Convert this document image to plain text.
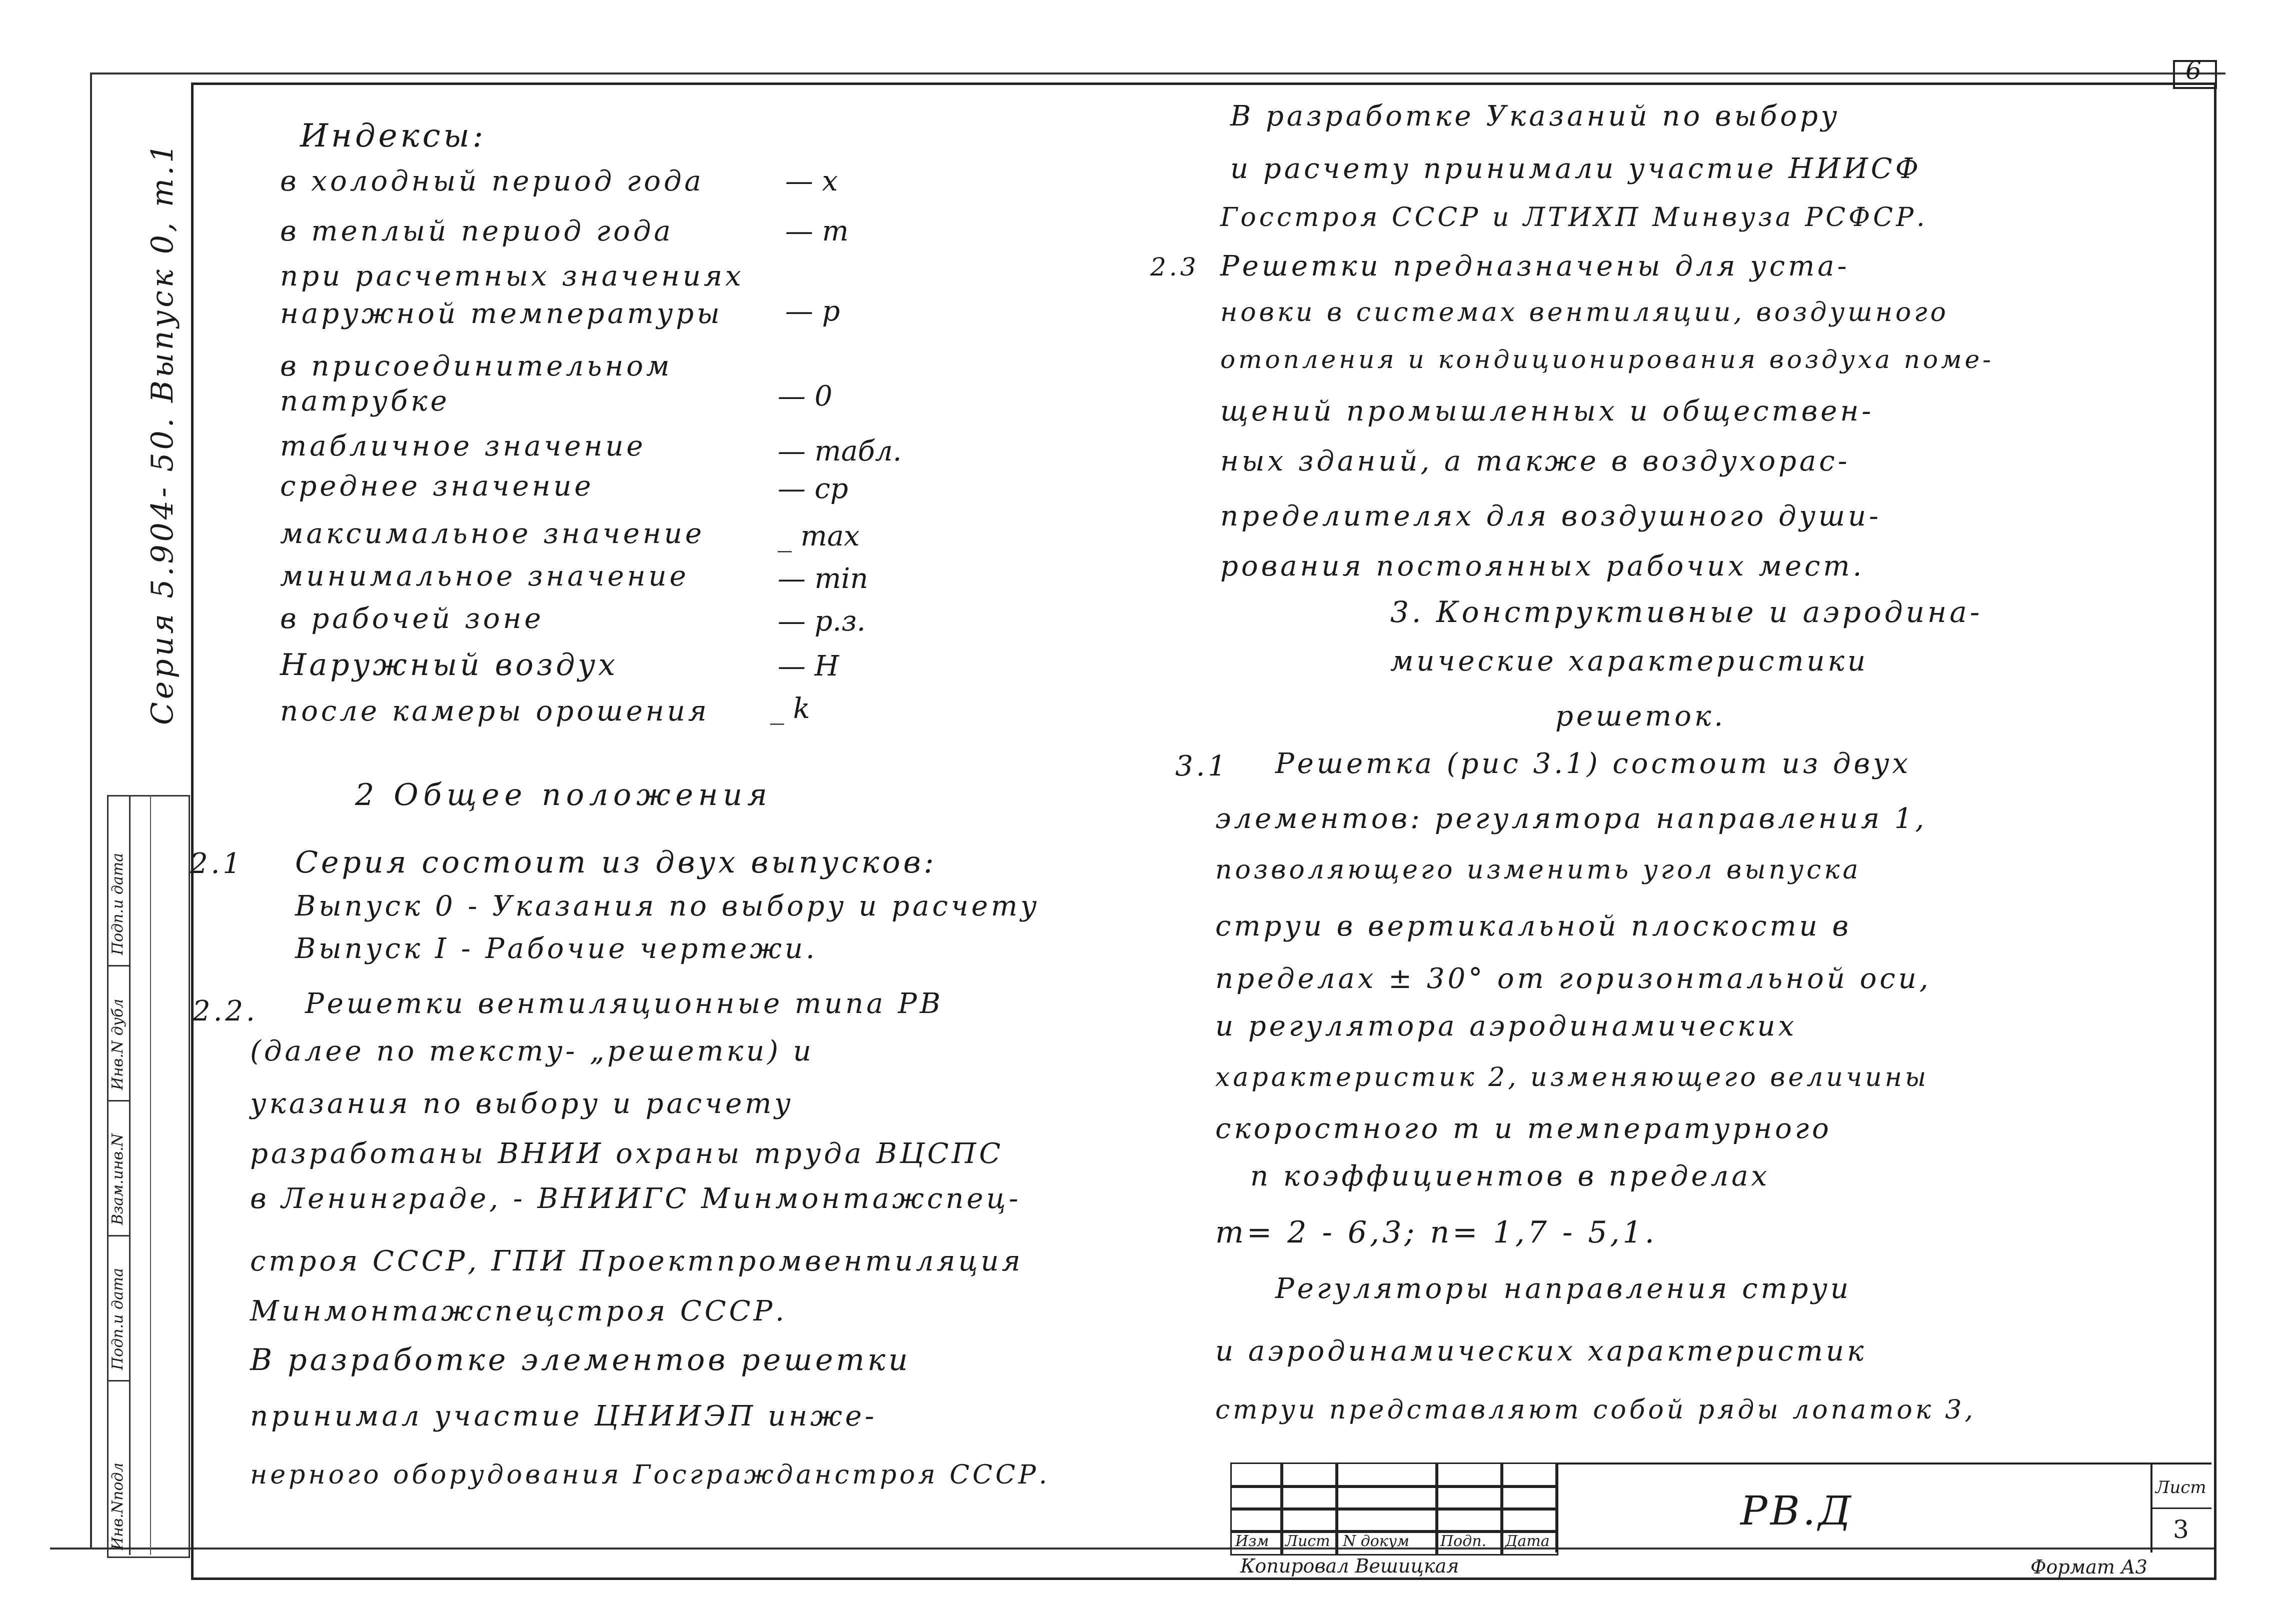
6
Серия 5.904- 50. Выпуск 0, т.1
Инв.Nподл
Подп.и дата
Взам.инв.N
Инв.N дубл
Подп.и дата
Индексы:
в холодный период года	— х
в теплый период года	— т
при расчетных значениях
наружной температуры — р
в присоединительном
патрубке	— 0
табличное значение	— табл.
среднее значение	— ср
максимальное значение	_ max
минимальное значение	— min
в рабочей зоне	— р.з.
Наружный воздух	— Н
после камеры орошения _ k
2 Общее положения
2.1 Серия состоит из двух выпусков:
Выпуск 0 - Указания по выбору и расчету
Выпуск I - Рабочие чертежи.
2.2. Решетки вентиляционные типа РВ
(далее по тексту- „решетки) и
указания по выбору и расчету
разработаны ВНИИ охраны труда ВЦСПС
в Ленинграде, - ВНИИГС Минмонтажспец-
строя СССР, ГПИ Проектпромвентиляция
Минмонтажспецстроя СССР.
В разработке элементов решетки
принимал участие ЦНИИЭП инже-
нерного оборудования Госгражданстроя СССР.
В разработке Указаний по выбору
и расчету принимали участие НИИСФ
Госстроя СССР и ЛТИХП Минвуза РСФСР.
2.3 Решетки предназначены для уста-
новки в системах вентиляции, воздушного
отопления и кондиционирования воздуха поме-
щений промышленных и обществен-
ных зданий, а также в воздухорас-
пределителях для воздушного души-
рования постоянных рабочих мест.
3. Конструктивные и аэродина-
мические характеристики
решеток.
3.1 Решетка (рис 3.1) состоит из двух
элементов: регулятора направления 1,
позволяющего изменить угол выпуска
струи в вертикальной плоскости в
пределах ± 30° от горизонтальной оси,
и регулятора аэродинамических
характеристик 2, изменяющего величины
скоростного m и температурного
n коэффициентов в пределах
m= 2 - 6,3; n= 1,7 - 5,1.
Регуляторы направления струи
и аэродинамических характеристик
струи представляют собой ряды лопаток 3,
Изм Лист N докум Подп. Дата
РВ.Д	Лист
3
Копировал Вешицкая	Формат А3
